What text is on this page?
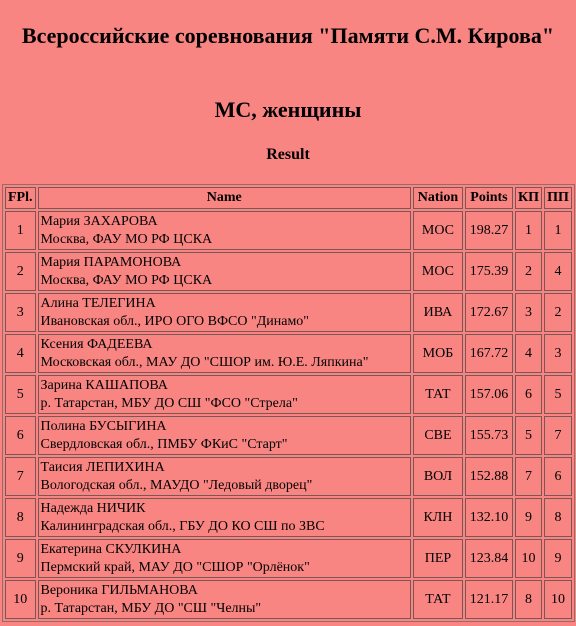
Всероссийские соревнования "Памяти С.М. Кирова"
МС, женщины
Result
FPl.	Name	Nation	Points	КП	ПП
1	Мария ЗАХАРОВА
Москва, ФАУ МО РФ ЦСКА	МОС	198.27	1	1
2	Мария ПАРАМОНОВА
Москва, ФАУ МО РФ ЦСКА	МОС	175.39	2	4
3	Алина ТЕЛЕГИНА
Ивановская обл., ИРО ОГО ВФСО "Динамо"	ИВА	172.67	3	2
4	Ксения ФАДЕЕВА
Московская обл., МАУ ДО "СШОР им. Ю.Е. Ляпкина"	МОБ	167.72	4	3
5	Зарина КАШАПОВА
р. Татарстан, МБУ ДО СШ "ФСО "Стрела"	ТАТ	157.06	6	5
6	Полина БУСЫГИНА
Свердловская обл., ПМБУ ФКиС "Старт"	СВЕ	155.73	5	7
7	Таисия ЛЕПИХИНА
Вологодская обл., МАУДО "Ледовый дворец"	ВОЛ	152.88	7	6
8	Надежда НИЧИК
Калининградская обл., ГБУ ДО КО СШ по ЗВС	КЛН	132.10	9	8
9	Екатерина СКУЛКИНА
Пермский край, МАУ ДО "СШОР "Орлёнок"	ПЕР	123.84	10	9
10	Вероника ГИЛЬМАНОВА
р. Татарстан, МБУ ДО "СШ "Челны"	ТАТ	121.17	8	10
